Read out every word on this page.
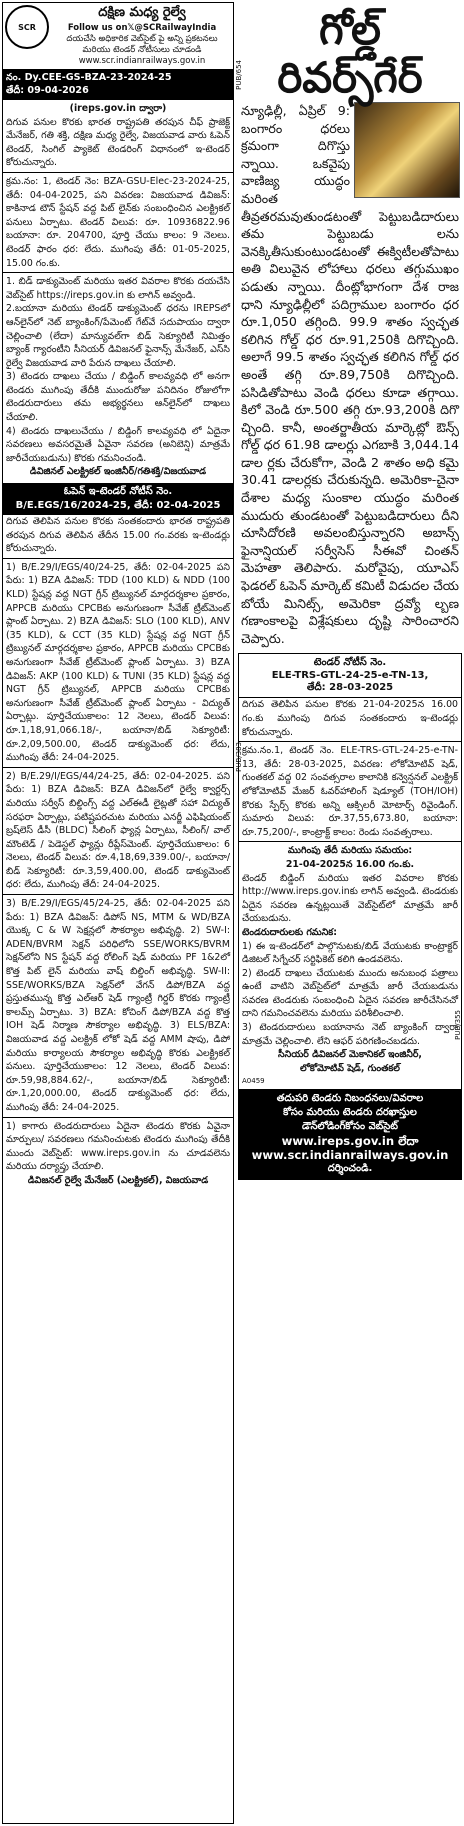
SCR
దక్షిణ మధ్య రైల్వే
Follow us on𝕏@SCRailwayIndia
దయచేసి అధికారిక వెబ్‌సైట్ పై అన్ని ప్రకటనలు మరియు టెండర్ నోటీసులు చూడండి
www.scr.indianrailways.gov.in
నం. Dy.CEE-GS-BZA-23-2024-25
తేదీ: 09-04-2026
(ireps.gov.in ద్వారా)

దిగువ పనుల కొరకు భారత రాష్ట్రపతి తరపున చీఫ్ ప్రాజెక్ట్ మేనేజర్, గతి శక్తి, దక్షిణ మధ్య రైల్వే, విజయవాడ వారు ఓపెన్ టెండర్, సింగిల్ ప్యాకెట్ టెండరింగ్ విధానంలో ఇ-టెండర్ కోరుచున్నారు.

క్రమ.నం: 1, టెండర్ నెం: BZA-GSU-Elec-23-2024-25, తేదీ: 04-04-2025, పని వివరణ: విజయవాడ డివిజన్: కాకినాడ టౌన్ స్టేషన్ వద్ద పిట్ లైన్‌కు సంబంధించిన ఎలక్ట్రికల్ పనులు ఏర్పాటు. టెండర్ విలువ: రూ. 10936822.96 బయానా: రూ. 204700, పూర్తి చేయు కాలం: 9 నెలలు. టెండర్ ఫారం ధర: లేదు. ముగింపు తేదీ: 01-05-2025, 15.00 గం.కు.

1. బిడ్ డాక్యుమెంట్ మరియు ఇతర వివరాల కొరకు దయచేసి వెబ్‌సైట్ https://ireps.gov.in కు లాగిన్ అవ్వండి.

2.బయానా మరియు టెండర్ డాక్యుమెంట్ ధరను IREPSలో ఆన్‌లైన్‌లో నెట్ బ్యాంకింగ్/పేమెంట్ గేట్‌వే సదుపాయం ద్వారా చెల్లించాలి (లేదా) మాన్యువల్‌గా బిడ్ సెక్యూరిటీ నిమిత్తం బ్యాంక్ గ్యారంటీని సీనియర్ డివిజనల్ ఫైనాన్స్ మేనేజర్, ఎస్‌సి రైల్వే విజయవాడ వారి పేరున దాఖలు చేయాలి.

3) టెండరు దాఖలు చేయు / బిడ్డింగ్ కాలవ్యవధి లో అనగా టెండరు ముగింపు తేదీకి ముందురోజు పనిదినం రోజులోగా టెండరుదారులు తమ అభ్యర్థనలు ఆన్‌లైన్‌లో దాఖలు చేయాలి.

4) టెండరు దాఖలుచేయు / బిడ్డింగ్ కాలవ్యవధి లో ఏదైనా సవరణలు అవసరమైతే ఏవైనా సవరణ (అనిబెన్షి) మాత్రమే జారీచేయబడును) కొరకు గమనించండి.

డివిజినల్ ఎలక్ట్రికల్ ఇంజినీర్/గతిశక్తి/విజయవాడ

ఓపెన్ ఇ-టెండర్ నోటీస్ నెం.
B/E.EGS/16/2024-25, తేదీ: 02-04-2025

దిగువ తెలిపిన పనుల కొరకు సంతకందారు భారత రాష్ట్రపతి తరపున దిగువ తెలిపిన తేదీన 15.00 గం.వరకు ఇ-టెండర్లు కోరుచున్నారు.

1) B/E.29/I/EGS/40/24-25, తేదీ: 02-04-2025 పని పేరు: 1) BZA డివిజన్: TDD (100 KLD) & NDD (100 KLD) స్టేషన్ల వద్ద NGT గ్రీన్ ట్రిబ్యునల్ మార్గదర్శకాల ప్రకారం, APPCB మరియు CPCBకు అనుగుణంగా సీవేజ్ ట్రీట్‌మెంట్ ప్లాంట్ ఏర్పాటు. 2) BZA డివిజన్: SLO (100 KLD), ANV (35 KLD), & CCT (35 KLD) స్టేషన్ల వద్ద NGT గ్రీన్ ట్రిబ్యునల్ మార్గదర్శకాల ప్రకారం, APPCB మరియు CPCBకు అనుగుణంగా సీవేజ్ ట్రీట్‌మెంట్ ప్లాంట్ ఏర్పాటు. 3) BZA డివిజన్: AKP (100 KLD) & TUNI (35 KLD) స్టేషన్ల వద్ద NGT గ్రీన్ ట్రిబ్యునల్, APPCB మరియు CPCBకు అనుగుణంగా సీవేజ్ ట్రీట్‌మెంట్ ప్లాంట్ ఏర్పాటు - విద్యుత్ ఏర్పాట్లు. పూర్తిచేయుకాలం: 12 నెలలు, టెండర్ విలువ: రూ.1,18,91,066.18/-, బయానా/బిడ్ సెక్యూరిటీ: రూ.2,09,500.00, టెండర్ డాక్యుమెంట్ ధర: లేదు, ముగింపు తేదీ: 24-04-2025.

2) B/E.29/I/EGS/44/24-25, తేదీ: 02-04-2025. పని పేరు: 1) BZA డివిజన్: BZA డివిజన్‌లో రైల్వే క్వార్టర్స్ మరియు సర్వీస్ బిల్డింగ్స్ వద్ద ఎల్ఈడీ లైట్లతో సహా విద్యుత్ సరఫరా ఏర్పాట్లు, పటిష్టపరచుట మరియు ఎనర్జీ ఎఫిషియంట్ బ్రష్‌లెస్ డీసీ (BLDC) సీలింగ్ ఫ్యాన్ల ఏర్పాటు, సీలింగ్/ వాల్ మౌంటెడ్ / పెడెస్టల్ ఫ్యాన్లు రీప్లేస్‌మెంట్. పూర్తిచేయుకాలం: 6 నెలలు, టెండర్ విలువ: రూ.4,18,69,339.00/-, బయానా/బిడ్ సెక్యూరిటీ: రూ.3,59,400.00, టెండర్ డాక్యుమెంట్ ధర: లేదు, ముగింపు తేదీ: 24-04-2025.

3) B/E.29/I/EGS/45/24-25, తేదీ: 02-04-2025 పని పేరు: 1) BZA డివిజన్: డిపోస్ NS, MTM & WD/BZA యొక్క C & W సెక్షన్లలో సౌకర్యాల అభివృద్ధి. 2) SW-I: ADEN/BVRM సెక్షన్ పరిధిలోని SSE/WORKS/BVRM సెక్షన్‌లోని NS స్టేషన్ వద్ద రోలింగ్ షెడ్ మరియు PF 1&2లో కొత్త పిట్ లైన్ మరియు వాష్ బిల్డింగ్ అభివృద్ధి. SW-II: SSE/WORKS/BZA సెక్షన్‌లో వేగన్ డిపో/BZA వద్ద ప్రస్తుతమున్న కొత్త ఎల్ఆర్ షెడ్ గ్యాంట్రీ గిర్డర్ కొరకు గ్యాంట్రీ కాలమ్స్ ఏర్పాటు. 3) BZA: కోచింగ్ డిపో/BZA వద్ద కొత్త IOH షెడ్ నిర్మాణ సౌకర్యాల అభివృద్ధి. 3) ELS/BZA: విజయవాడ వద్ద ఎలక్ట్రిక్ లోకో షెడ్ వద్ద AMM షాపు, డిపో మరియు కార్యాలయ సౌకర్యాల అభివృద్ధి కొరకు ఎలక్ట్రికల్ పనులు. పూర్తిచేయుకాలం: 12 నెలలు, టెండర్ విలువ: రూ.59,98,884.62/-, బయానా/బిడ్ సెక్యూరిటీ: రూ.1,20,000.00, టెండర్ డాక్యుమెంట్ ధర: లేదు, ముగింపు తేదీ: 24-04-2025.

1) కాగారు టెండరుదారులు ఏదైనా టెండరు కొరకు ఏవైనా మార్పులు/ సవరణలు గమనించుటకు టెండరు ముగింపు తేదీకి ముందు వెబ్‌సైట్: www.ireps.gov.in ను చూడవలెను మరియు దర్యాప్తు చేయాలి.

డివిజనల్ రైల్వే మేనేజర్ (ఎలక్ట్రికల్), విజయవాడ

PUB/654
PUB/383
గోల్డ్
రివర్స్‌గేర్
న్యూఢిల్లీ, ఏప్రిల్ 9: బంగారం ధరలు క్రమంగా దిగొస్తు న్నాయి. ఒకవైపు వాణిజ్య యుద్ధం మరింత తీవ్రతరమవుతుండటంతో పెట్టుబడిదారులు తమ పెట్టుబడు లను వెనక్కితీసుకుంటుండటంతో ఈక్విటీలతోపాటు అతి విలువైన లోహాలు ధరలు తగ్గుముఖం పడుతు న్నాయి. దీంట్లోభాగంగా దేశ రాజ ధాని న్యూఢిల్లీలో పదిగ్రాముల బంగారం ధర రూ.1,050 తగ్గింది. 99.9 శాతం స్వచ్ఛత కలిగిన గోల్డ్ ధర రూ.91,250కి దిగొచ్చింది. అలాగే 99.5 శాతం స్వచ్ఛత కలిగిన గోల్డ్ ధర అంతే తగ్గి రూ.89,750కి దిగొచ్చింది. పసిడితోపాటు వెండి ధరలు కూడా తగ్గాయి. కిలో వెండి రూ.500 తగ్గి రూ.93,200కి దిగొ చ్చింది. కానీ, అంతర్జాతీయ మార్కెట్లో ఔన్స్ గోల్డ్ ధర 61.98 డాలర్లు ఎగబాకి 3,044.14 డాల ర్లకు చేరుకోగా, వెండి 2 శాతం అధి కమై 30.41 డాలర్లకు చేరుకున్నది. అమెరికా-చైనా దేశాల మధ్య సుంకాల యుద్ధం మరింత ముదురు తుండటంతో పెట్టుబడిదారులు దీని చూసిదోరణి అవలంబిస్తున్నారని అబాన్స్ ఫైనాన్షియల్ సర్వీసెస్ సీఈవో చింతన్ మెహతా తెలిపారు. మరోవైపు, యూఎస్ ఫెడరల్ ఓపెన్ మార్కెట్ కమిటీ విడుదల చేయ బోయే మినిట్స్, అమెరికా ద్రవ్యో ల్బణ గణాంకాలపై విశ్లేషకులు దృష్టి సారించారని చెప్పారు.
టెండర్ నోటీస్ నెం.
ELE-TRS-GTL-24-25-e-TN-13,
తేదీ: 28-03-2025

దిగువ తెలిపిన పనుల కొరకు 21-04-2025న 16.00 గం.కు ముగింపు దిగువ సంతకందారు ఇ-టెండర్లు కోరుచున్నారు.

క్రమ.నం.1, టెండర్ నెం. ELE-TRS-GTL-24-25-e-TN-13, తేదీ: 28-03-2025, వివరణ: లోకోమోటివ్ షెడ్, గుంతకల్ వద్ద 02 సంవత్సరాల కాలానికి కన్వెన్షనల్ ఎలక్ట్రిక్ లోకోమోటివ్ మేజర్ ఓవర్‌హాలింగ్ షెడ్యూల్ (TOH/IOH) కొరకు స్పేర్స్ కొరకు అన్ని ఆక్సిలరీ మోటార్స్ రివైండింగ్. సుమారు విలువ: రూ.37,55,673.80, బయానా: రూ.75,200/-, కాంట్రాక్ట్ కాలం: రెండు సంవత్సరాలు.

ముగింపు తేదీ మరియు సమయం:

21-04-2025న 16.00 గం.కు.

టెండర్ బిడ్డింగ్ మరియు ఇతర వివరాల కొరకు http://www.ireps.gov.inకు లాగిన్ అవ్వండి. టెండరుకు ఏదైన సవరణ ఉన్నట్లయితే వెబ్‌సైట్‌లో మాత్రమే జారీ చేయబడును.

టెండరుదారులకు గమనిక:

1) ఈ ఇ-టెండర్‌లో పాల్గొనుటకు/బిడ్ వేయుటకు కాంట్రాక్టర్ డిజిటల్ సిగ్నేచర్ సర్టిఫికెట్ కలిగి ఉండవలెను.

2) టెండర్ దాఖలు చేయుటకు ముందు అనుబంధ పత్రాలు ఉంటే వాటిని వెబ్‌సైట్‌లో మాత్రమే జారీ చేయబడును సవరణ టెండరుకు సంబంధించి ఏదైన సవరణ జారీచేసినచో దాని గమనించవలెను మరియు పరిశీలించాలి.

3) టెండరుదారులు బయానాను నెట్ బ్యాంకింగ్ ద్వారా మాత్రమే చెల్లించాలి. లేని ఆఫర్ పరిగణించబడదు.

సీనియర్ డివిజనల్ మెకానికల్ ఇంజినీర్,

లోకోమోటివ్ షెడ్, గుంతకల్

A0459
తదుపరి టెండరు నిబంధనలు/వివరాల
కోసం మరియు టెండరు దరఖాస్తుల
డౌన్‌లోడింగ్‌కోసం వెబ్‌సైట్
www.ireps.gov.in లేదా
www.scr.indianrailways.gov.in
దర్శించండి.
PUB/355
